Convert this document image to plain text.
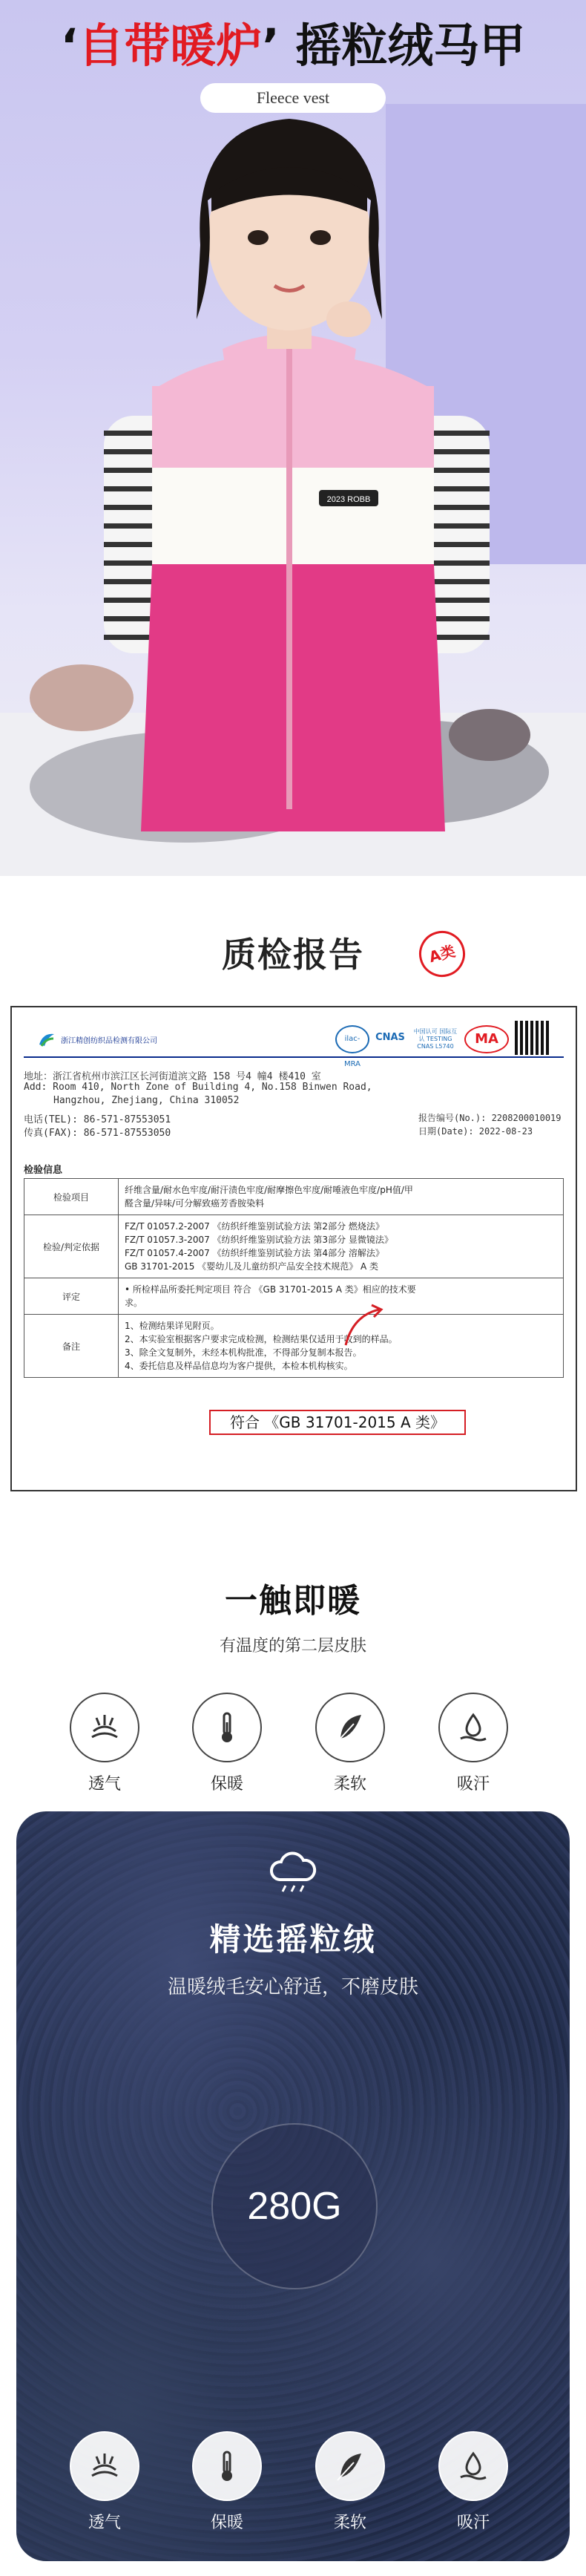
2023 ROBB
‘自带暖炉’ 摇粒绒马甲
Fleece vest
质检报告	A类
浙江精创纺织品检测有限公司	ilac-MRA
CNAS
中国认可 国际互认 TESTING CNAS L5740	MA
地址：浙江省杭州市滨江区长河街道滨文路 158 号4 幢4 楼410 室
Add: Room 410, North Zone of Building 4, No.158 Binwen Road,
Hangzhou, Zhejiang, China 310052
电话(TEL): 86-571-87553051
传真(FAX): 86-571-87553050
报告编号(No.): 2208200010019
日期(Date): 2022-08-23
检验信息
检验项目	纤维含量/耐水色牢度/耐汗渍色牢度/耐摩擦色牢度/耐唾液色牢度/pH值/甲
醛含量/异味/可分解致癌芳香胺染料

检验/判定依据	FZ/T 01057.2-2007 《纺织纤维鉴别试验方法 第2部分 燃烧法》
FZ/T 01057.3-2007 《纺织纤维鉴别试验方法 第3部分 显微镜法》
FZ/T 01057.4-2007 《纺织纤维鉴别试验方法 第4部分 溶解法》
GB 31701-2015 《婴幼儿及儿童纺织产品安全技术规范》 A 类

评定	• 所检样品所委托判定项目 符合 《GB 31701-2015 A 类》相应的技术要
求。

备注	1、检测结果详见附页。
2、本实验室根据客户要求完成检测，检测结果仅适用于收到的样品。
3、除全文复制外，未经本机构批准，不得部分复制本报告。
4、委托信息及样品信息均为客户提供，本检本机构核实。
符合 《GB 31701-2015 A 类》
一触即暖
有温度的第二层皮肤
透气	保暖	柔软	吸汗
精选摇粒绒
温暖绒毛安心舒适，不磨皮肤
280G
透气	保暖	柔软	吸汗
